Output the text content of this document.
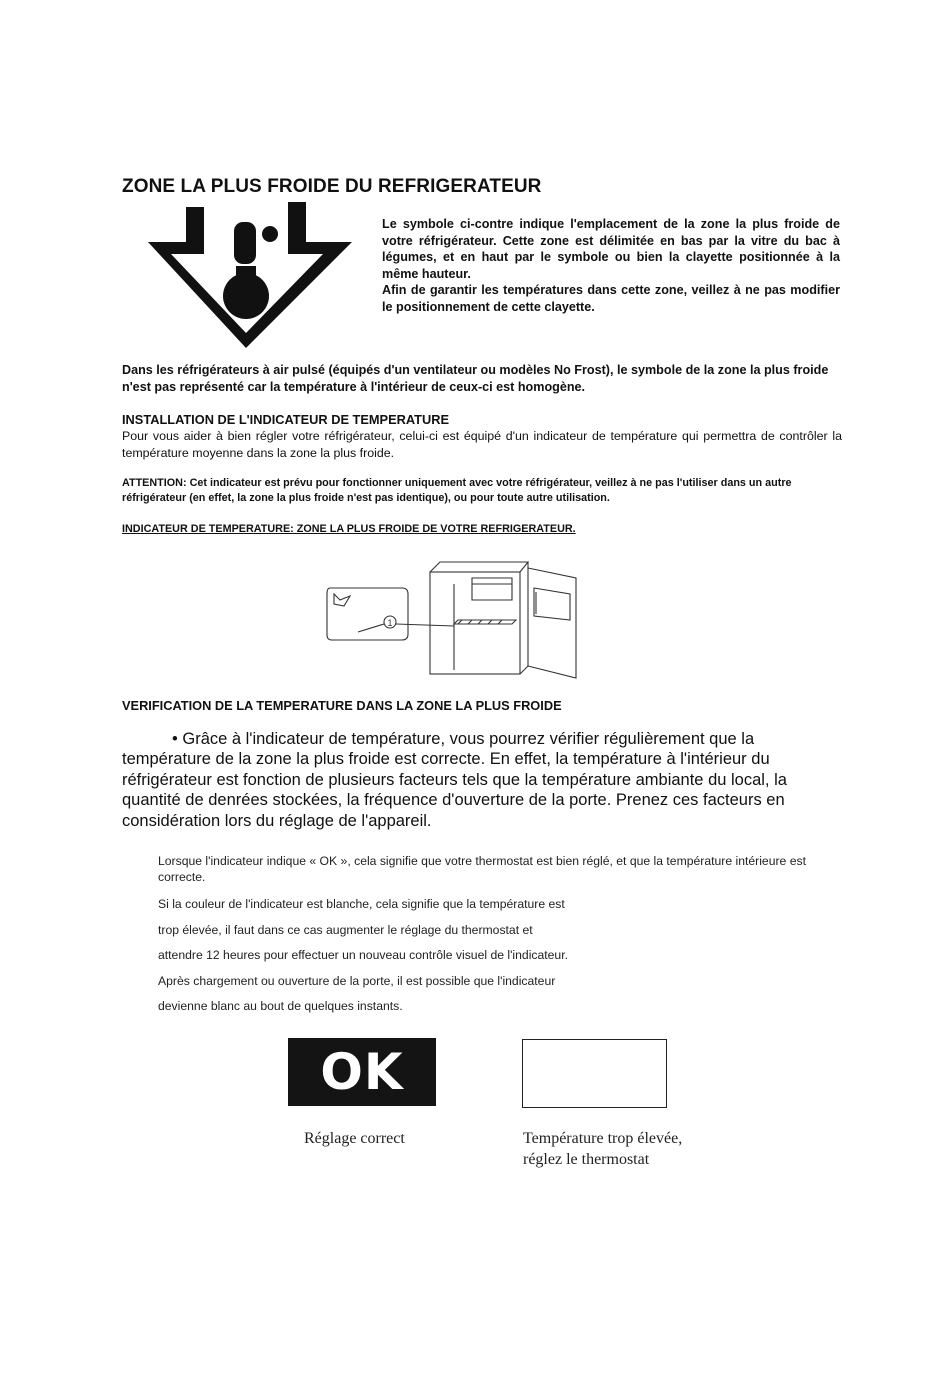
ZONE LA PLUS FROIDE DU REFRIGERATEUR

Le symbole ci-contre indique l'emplacement de la zone la plus froide de votre réfrigérateur. Cette zone est délimitée en bas par la vitre du bac à légumes, et en haut par le symbole ou bien la clayette positionnée à la même hauteur.

Afin de garantir les températures dans cette zone, veillez à ne pas modifier le positionnement de cette clayette.

Dans les réfrigérateurs à air pulsé (équipés d'un ventilateur ou modèles No Frost), le symbole de la zone la plus froide n'est pas représenté car la température à l'intérieur de ceux-ci est homogène.
INSTALLATION DE L'INDICATEUR DE TEMPERATURE
Pour vous aider à bien régler votre réfrigérateur, celui-ci est équipé d'un indicateur de température qui permettra de contrôler la température moyenne dans la zone la plus froide.
ATTENTION: Cet indicateur est prévu pour fonctionner uniquement avec votre réfrigérateur, veillez à ne pas l'utiliser dans un autre réfrigérateur (en effet, la zone la plus froide n'est pas identique), ou pour toute autre utilisation.
INDICATEUR DE TEMPERATURE: ZONE LA PLUS FROIDE DE VOTRE REFRIGERATEUR.
1
VERIFICATION DE LA TEMPERATURE DANS LA ZONE LA PLUS FROIDE

• Grâce à l'indicateur de température, vous pourrez vérifier régulièrement que la température de la zone la plus froide est correcte. En effet, la température à l'intérieur du réfrigérateur est fonction de plusieurs facteurs tels que la température ambiante du local, la quantité de denrées stockées, la fréquence d'ouverture de la porte. Prenez ces facteurs en considération lors du réglage de l'appareil.

Lorsque l'indicateur indique « OK », cela signifie que votre thermostat est bien réglé, et que la température intérieure est correcte.
Si la couleur de l'indicateur est blanche, cela signifie que la température est
trop élevée, il faut dans ce cas augmenter le réglage du thermostat et
attendre 12 heures pour effectuer un nouveau contrôle visuel de l'indicateur.
Après chargement ou ouverture de la porte, il est possible que l'indicateur
devienne blanc au bout de quelques instants.
OK
Réglage correct	Température trop élevée, réglez le thermostat
